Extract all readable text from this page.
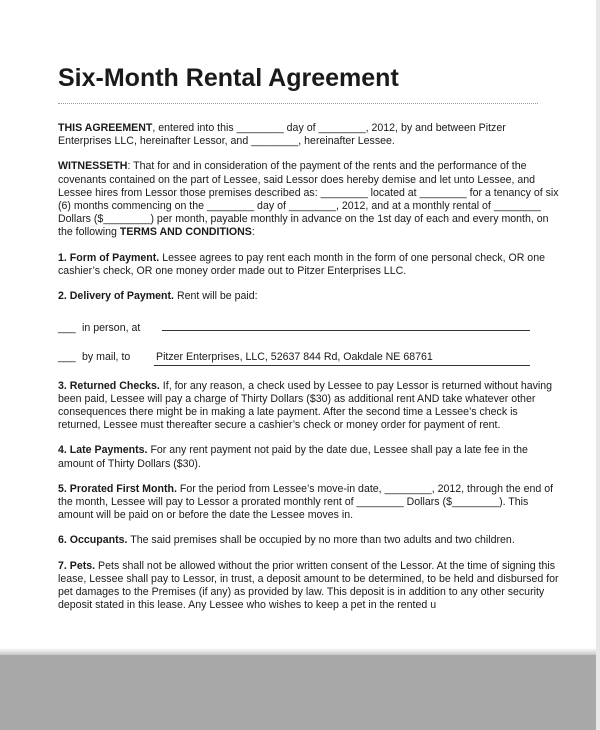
Six-Month Rental Agreement

THIS AGREEMENT, entered into this ________ day of ________, 2012, by and between Pitzer Enterprises LLC, hereinafter Lessor, and ________, hereinafter Lessee.

WITNESSETH: That for and in consideration of the payment of the rents and the performance of the covenants contained on the part of Lessee, said Lessor does hereby demise and let unto Lessee, and Lessee hires from Lessor those premises described as: ________ located at ________ for a tenancy of six (6) months commencing on the ________ day of ________, 2012, and at a monthly rental of ________ Dollars ($________) per month, payable monthly in advance on the 1st day of each and every month, on the following TERMS AND CONDITIONS:

1. Form of Payment. Lessee agrees to pay rent each month in the form of one personal check, OR one cashier’s check, OR one money order made out to Pitzer Enterprises LLC.

2. Delivery of Payment. Rent will be paid:

___ in person, at
___ by mail, to	Pitzer Enterprises, LLC, 52637 844 Rd, Oakdale NE 68761

3. Returned Checks. If, for any reason, a check used by Lessee to pay Lessor is returned without having been paid, Lessee will pay a charge of Thirty Dollars ($30) as additional rent AND take whatever other consequences there might be in making a late payment. After the second time a Lessee’s check is returned, Lessee must thereafter secure a cashier’s check or money order for payment of rent.

4. Late Payments. For any rent payment not paid by the date due, Lessee shall pay a late fee in the amount of Thirty Dollars ($30).

5. Prorated First Month. For the period from Lessee’s move-in date, ________, 2012, through the end of the month, Lessee will pay to Lessor a prorated monthly rent of ________ Dollars ($________). This amount will be paid on or before the date the Lessee moves in.

6. Occupants. The said premises shall be occupied by no more than two adults and two children.

7. Pets. Pets shall not be allowed without the prior written consent of the Lessor. At the time of signing this lease, Lessee shall pay to Lessor, in trust, a deposit amount to be determined, to be held and disbursed for pet damages to the Premises (if any) as provided by law. This deposit is in addition to any other security deposit stated in this lease. Any Lessee who wishes to keep a pet in the rented u
